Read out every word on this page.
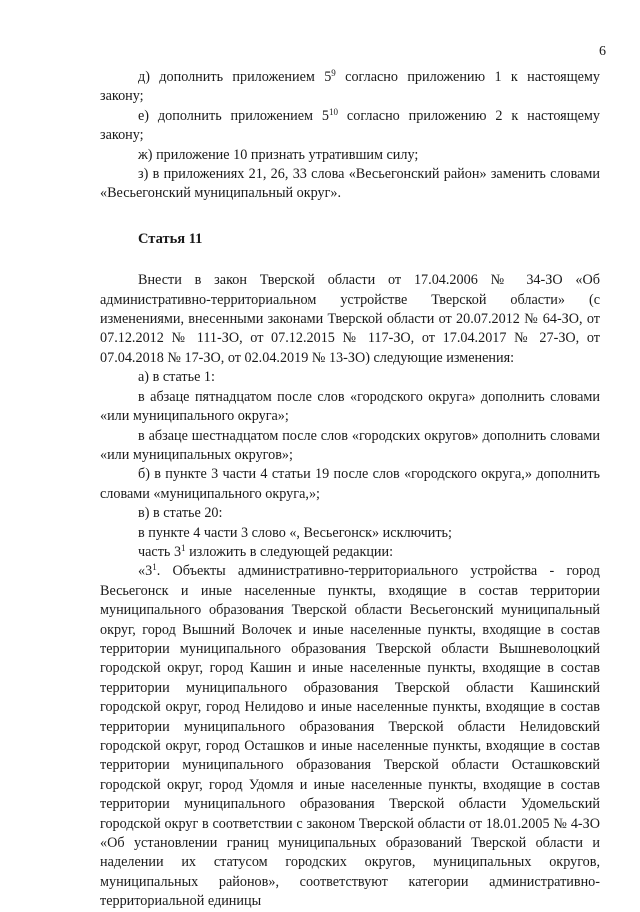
6

д) дополнить приложением $5^9$ согласно приложению 1 к настоящему закону;

е) дополнить приложением $5^{10}$ согласно приложению 2 к настоящему закону;

ж) приложение 10 признать утратившим силу;

з) в приложениях 21, 26, 33 слова «Весьегонский район» заменить словами «Весьегонский муниципальный округ».

Статья 11

Внести в закон Тверской области от 17.04.2006 № 34-ЗО «Об административно-территориальном устройстве Тверской области» (с изменениями, внесенными законами Тверской области от 20.07.2012 № 64-ЗО, от 07.12.2012 № 111-ЗО, от 07.12.2015 № 117-ЗО, от 17.04.2017 № 27-ЗО, от 07.04.2018 № 17-ЗО, от 02.04.2019 № 13-ЗО) следующие изменения:

а) в статье 1:

в абзаце пятнадцатом после слов «городского округа» дополнить словами «или муниципального округа»;

в абзаце шестнадцатом после слов «городских округов» дополнить словами «или муниципальных округов»;

б) в пункте 3 части 4 статьи 19 после слов «городского округа,» дополнить словами «муниципального округа,»;

в) в статье 20:

в пункте 4 части 3 слово «, Весьегонск» исключить;

часть $3^1$ изложить в следующей редакции:

«$3^1$. Объекты административно-территориального устройства - город Весьегонск и иные населенные пункты, входящие в состав территории муниципального образования Тверской области Весьегонский муниципальный округ, город Вышний Волочек и иные населенные пункты, входящие в состав территории муниципального образования Тверской области Вышневолоцкий городской округ, город Кашин и иные населенные пункты, входящие в состав территории муниципального образования Тверской области Кашинский городской округ, город Нелидово и иные населенные пункты, входящие в состав территории муниципального образования Тверской области Нелидовский городской округ, город Осташков и иные населенные пункты, входящие в состав территории муниципального образования Тверской области Осташковский городской округ, город Удомля и иные населенные пункты, входящие в состав территории муниципального образования Тверской области Удомельский городской округ в соответствии с законом Тверской области от 18.01.2005 № 4-ЗО «Об установлении границ муниципальных образований Тверской области и наделении их статусом городских округов, муниципальных округов, муниципальных районов», соответствуют категории административно-территориальной единицы
